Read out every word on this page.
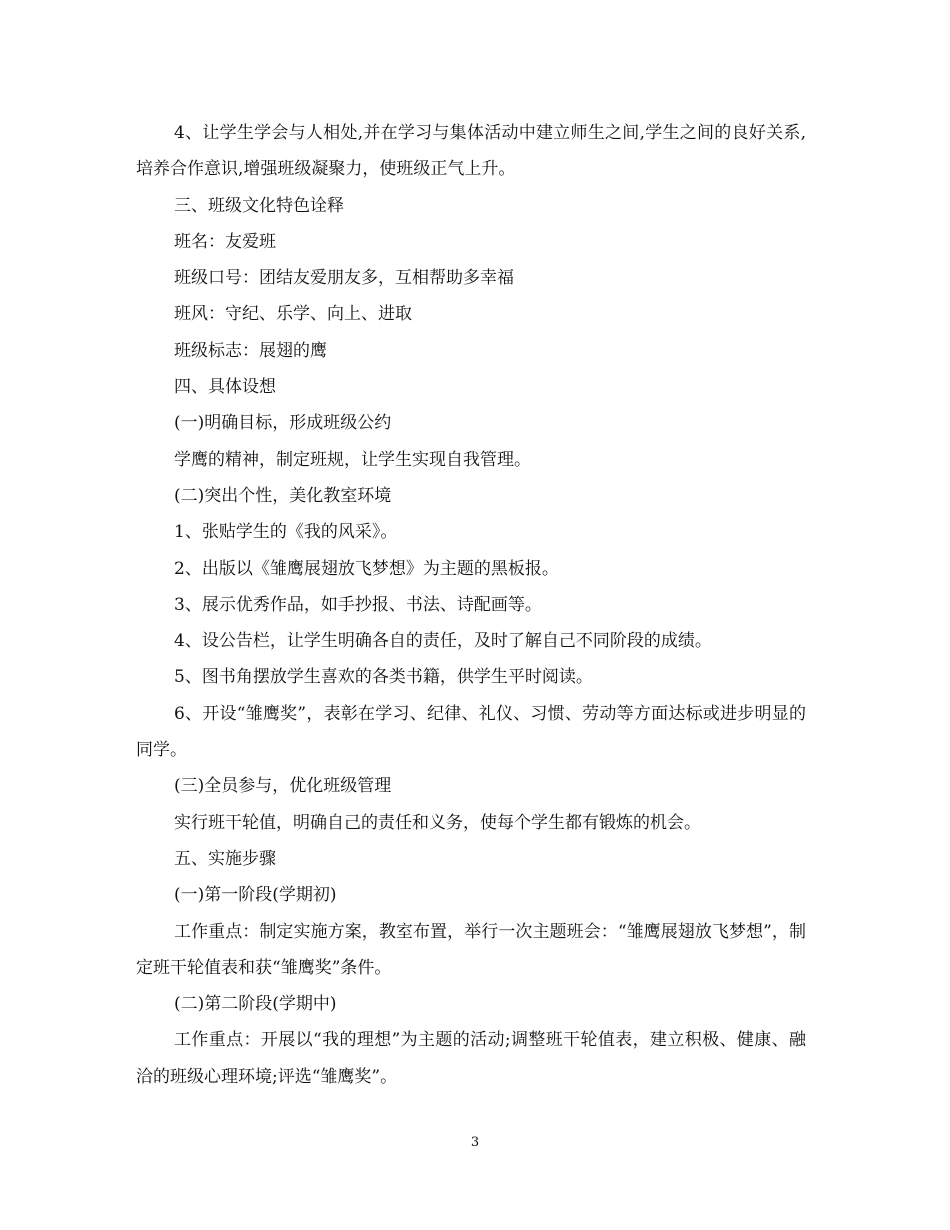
4、让学生学会与人相处,并在学习与集体活动中建立师生之间,学生之间的良好关系,培养合作意识,增强班级凝聚力，使班级正气上升。

三、班级文化特色诠释

班名：友爱班

班级口号：团结友爱朋友多，互相帮助多幸福

班风：守纪、乐学、向上、进取

班级标志：展翅的鹰

四、具体设想

(一)明确目标，形成班级公约

学鹰的精神，制定班规，让学生实现自我管理。

(二)突出个性，美化教室环境

1、张贴学生的《我的风采》。

2、出版以《雏鹰展翅放飞梦想》为主题的黑板报。

3、展示优秀作品，如手抄报、书法、诗配画等。

4、设公告栏，让学生明确各自的责任，及时了解自己不同阶段的成绩。

5、图书角摆放学生喜欢的各类书籍，供学生平时阅读。

6、开设“雏鹰奖”，表彰在学习、纪律、礼仪、习惯、劳动等方面达标或进步明显的同学。

(三)全员参与，优化班级管理

实行班干轮值，明确自己的责任和义务，使每个学生都有锻炼的机会。

五、实施步骤

(一)第一阶段(学期初)

工作重点：制定实施方案，教室布置，举行一次主题班会：“雏鹰展翅放飞梦想”，制定班干轮值表和获“雏鹰奖”条件。

(二)第二阶段(学期中)

工作重点：开展以“我的理想”为主题的活动;调整班干轮值表，建立积极、健康、融洽的班级心理环境;评选“雏鹰奖”。

3
